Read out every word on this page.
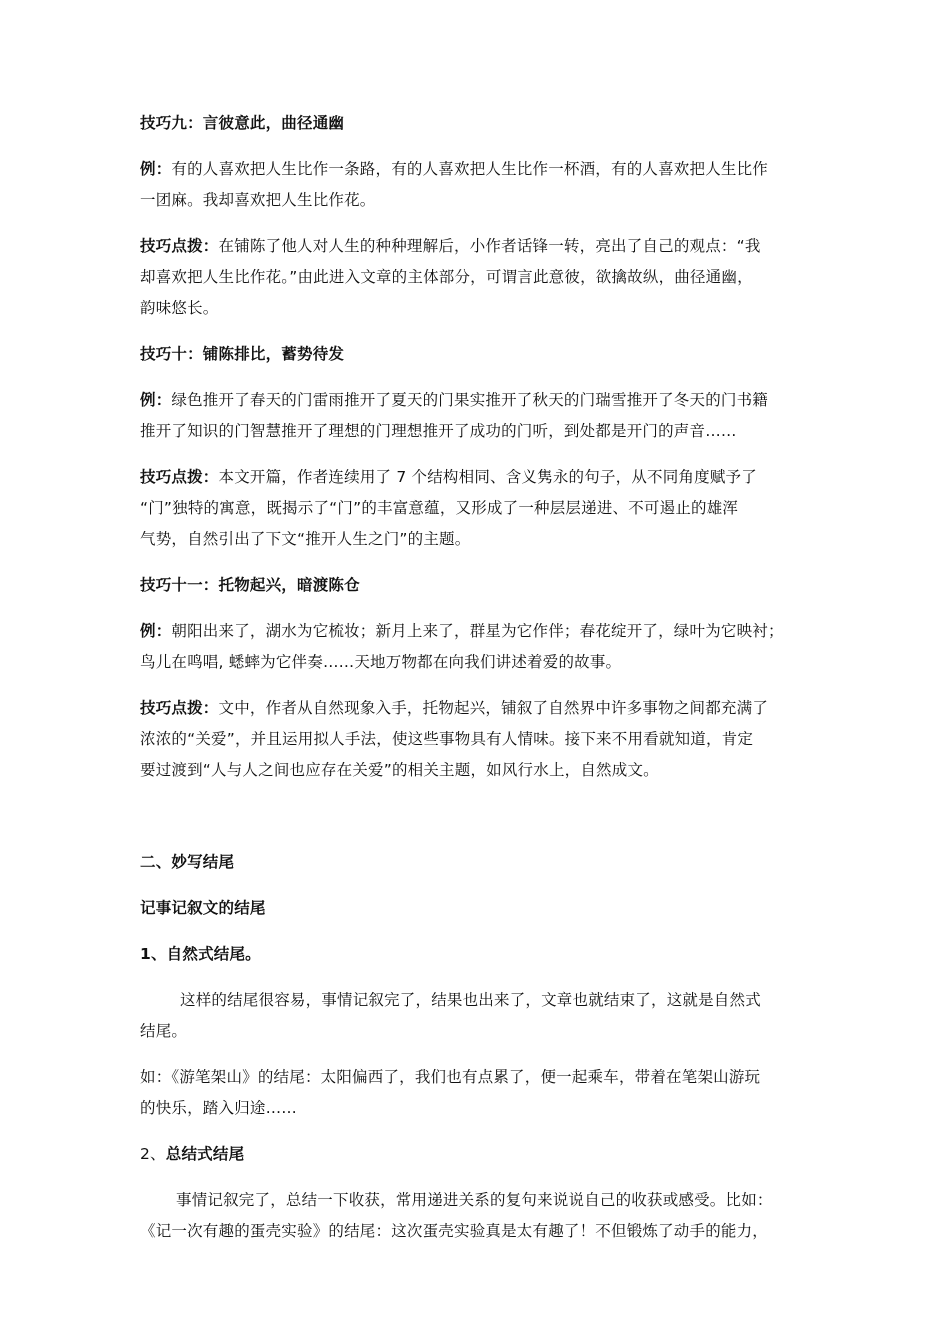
技巧九：言彼意此，曲径通幽
例：有的人喜欢把人生比作一条路，有的人喜欢把人生比作一杯酒，有的人喜欢把人生比作
一团麻。我却喜欢把人生比作花。
技巧点拨：在铺陈了他人对人生的种种理解后，小作者话锋一转，亮出了自己的观点：“我
却喜欢把人生比作花。”由此进入文章的主体部分，可谓言此意彼，欲擒故纵，曲径通幽，
韵味悠长。
技巧十：铺陈排比，蓄势待发
例：绿色推开了春天的门雷雨推开了夏天的门果实推开了秋天的门瑞雪推开了冬天的门书籍
推开了知识的门智慧推开了理想的门理想推开了成功的门听，到处都是开门的声音……
技巧点拨：本文开篇，作者连续用了 7 个结构相同、含义隽永的句子，从不同角度赋予了
“门”独特的寓意，既揭示了“门”的丰富意蕴，又形成了一种层层递进、不可遏止的雄浑
气势，自然引出了下文“推开人生之门”的主题。
技巧十一：托物起兴，暗渡陈仓
例：朝阳出来了，湖水为它梳妆；新月上来了，群星为它作伴；春花绽开了，绿叶为它映衬；
鸟儿在鸣唱, 蟋蟀为它伴奏……天地万物都在向我们讲述着爱的故事。
技巧点拨：文中，作者从自然现象入手，托物起兴，铺叙了自然界中许多事物之间都充满了
浓浓的“关爱”，并且运用拟人手法，使这些事物具有人情味。接下来不用看就知道，肯定
要过渡到“人与人之间也应存在关爱”的相关主题，如风行水上，自然成文。
二、妙写结尾
记事记叙文的结尾
1、自然式结尾。
这样的结尾很容易，事情记叙完了，结果也出来了，文章也就结束了，这就是自然式
结尾。
如：《游笔架山》的结尾：太阳偏西了，我们也有点累了，便一起乘车，带着在笔架山游玩
的快乐，踏入归途……
2、总结式结尾
事情记叙完了，总结一下收获，常用递进关系的复句来说说自己的收获或感受。比如：
《记一次有趣的蛋壳实验》的结尾：这次蛋壳实验真是太有趣了！不但锻炼了动手的能力，
